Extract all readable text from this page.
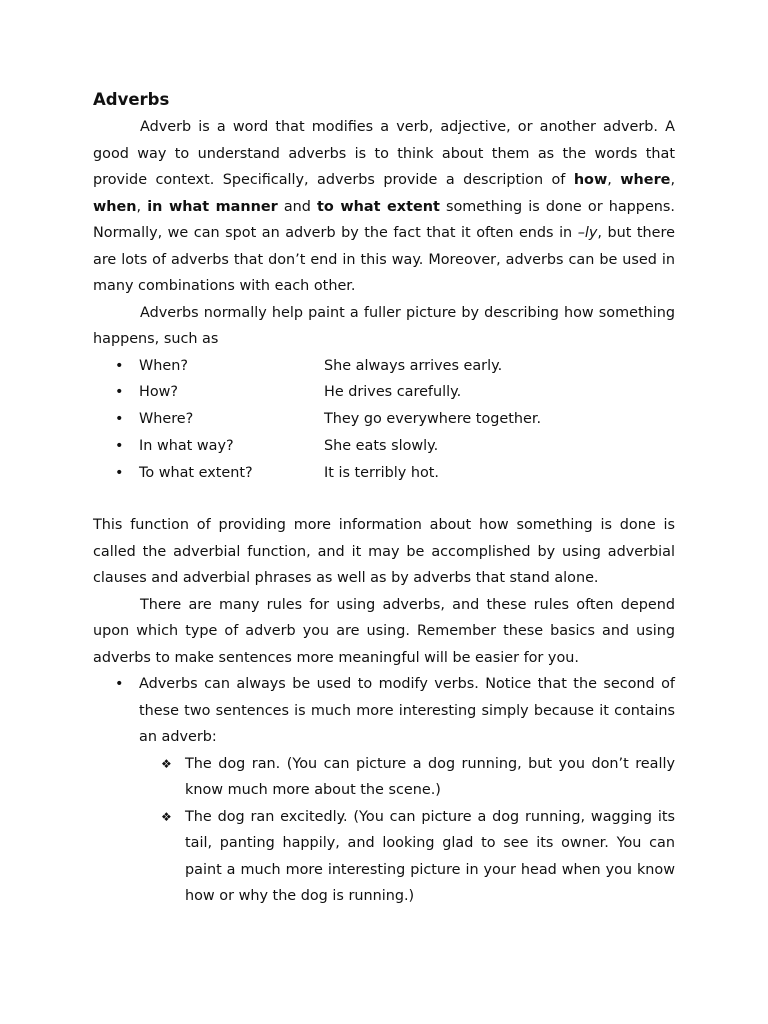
Adverbs

Adverb is a word that modifies a verb, adjective, or another adverb. A good way to understand adverbs is to think about them as the words that provide context. Specifically, adverbs provide a description of how, where, when, in what manner and to what extent something is done or happens. Normally, we can spot an adverb by the fact that it often ends in –ly, but there are lots of adverbs that don’t end in this way. Moreover, adverbs can be used in many combinations with each other.

Adverbs normally help paint a fuller picture by describing how something happens, such as

• When?	She always arrives early.
• How?	He drives carefully.
• Where?	They go everywhere together.
• In what way?	She eats slowly.
• To what extent?	It is terribly hot.

This function of providing more information about how something is done is called the adverbial function, and it may be accomplished by using adverbial clauses and adverbial phrases as well as by adverbs that stand alone.

There are many rules for using adverbs, and these rules often depend upon which type of adverb you are using. Remember these basics and using adverbs to make sentences more meaningful will be easier for you.

• Adverbs can always be used to modify verbs. Notice that the second of these two sentences is much more interesting simply because it contains an adverb:

❖ The dog ran. (You can picture a dog running, but you don’t really know much more about the scene.)
❖ The dog ran excitedly. (You can picture a dog running, wagging its tail, panting happily, and looking glad to see its owner. You can paint a much more interesting picture in your head when you know how or why the dog is running.)
